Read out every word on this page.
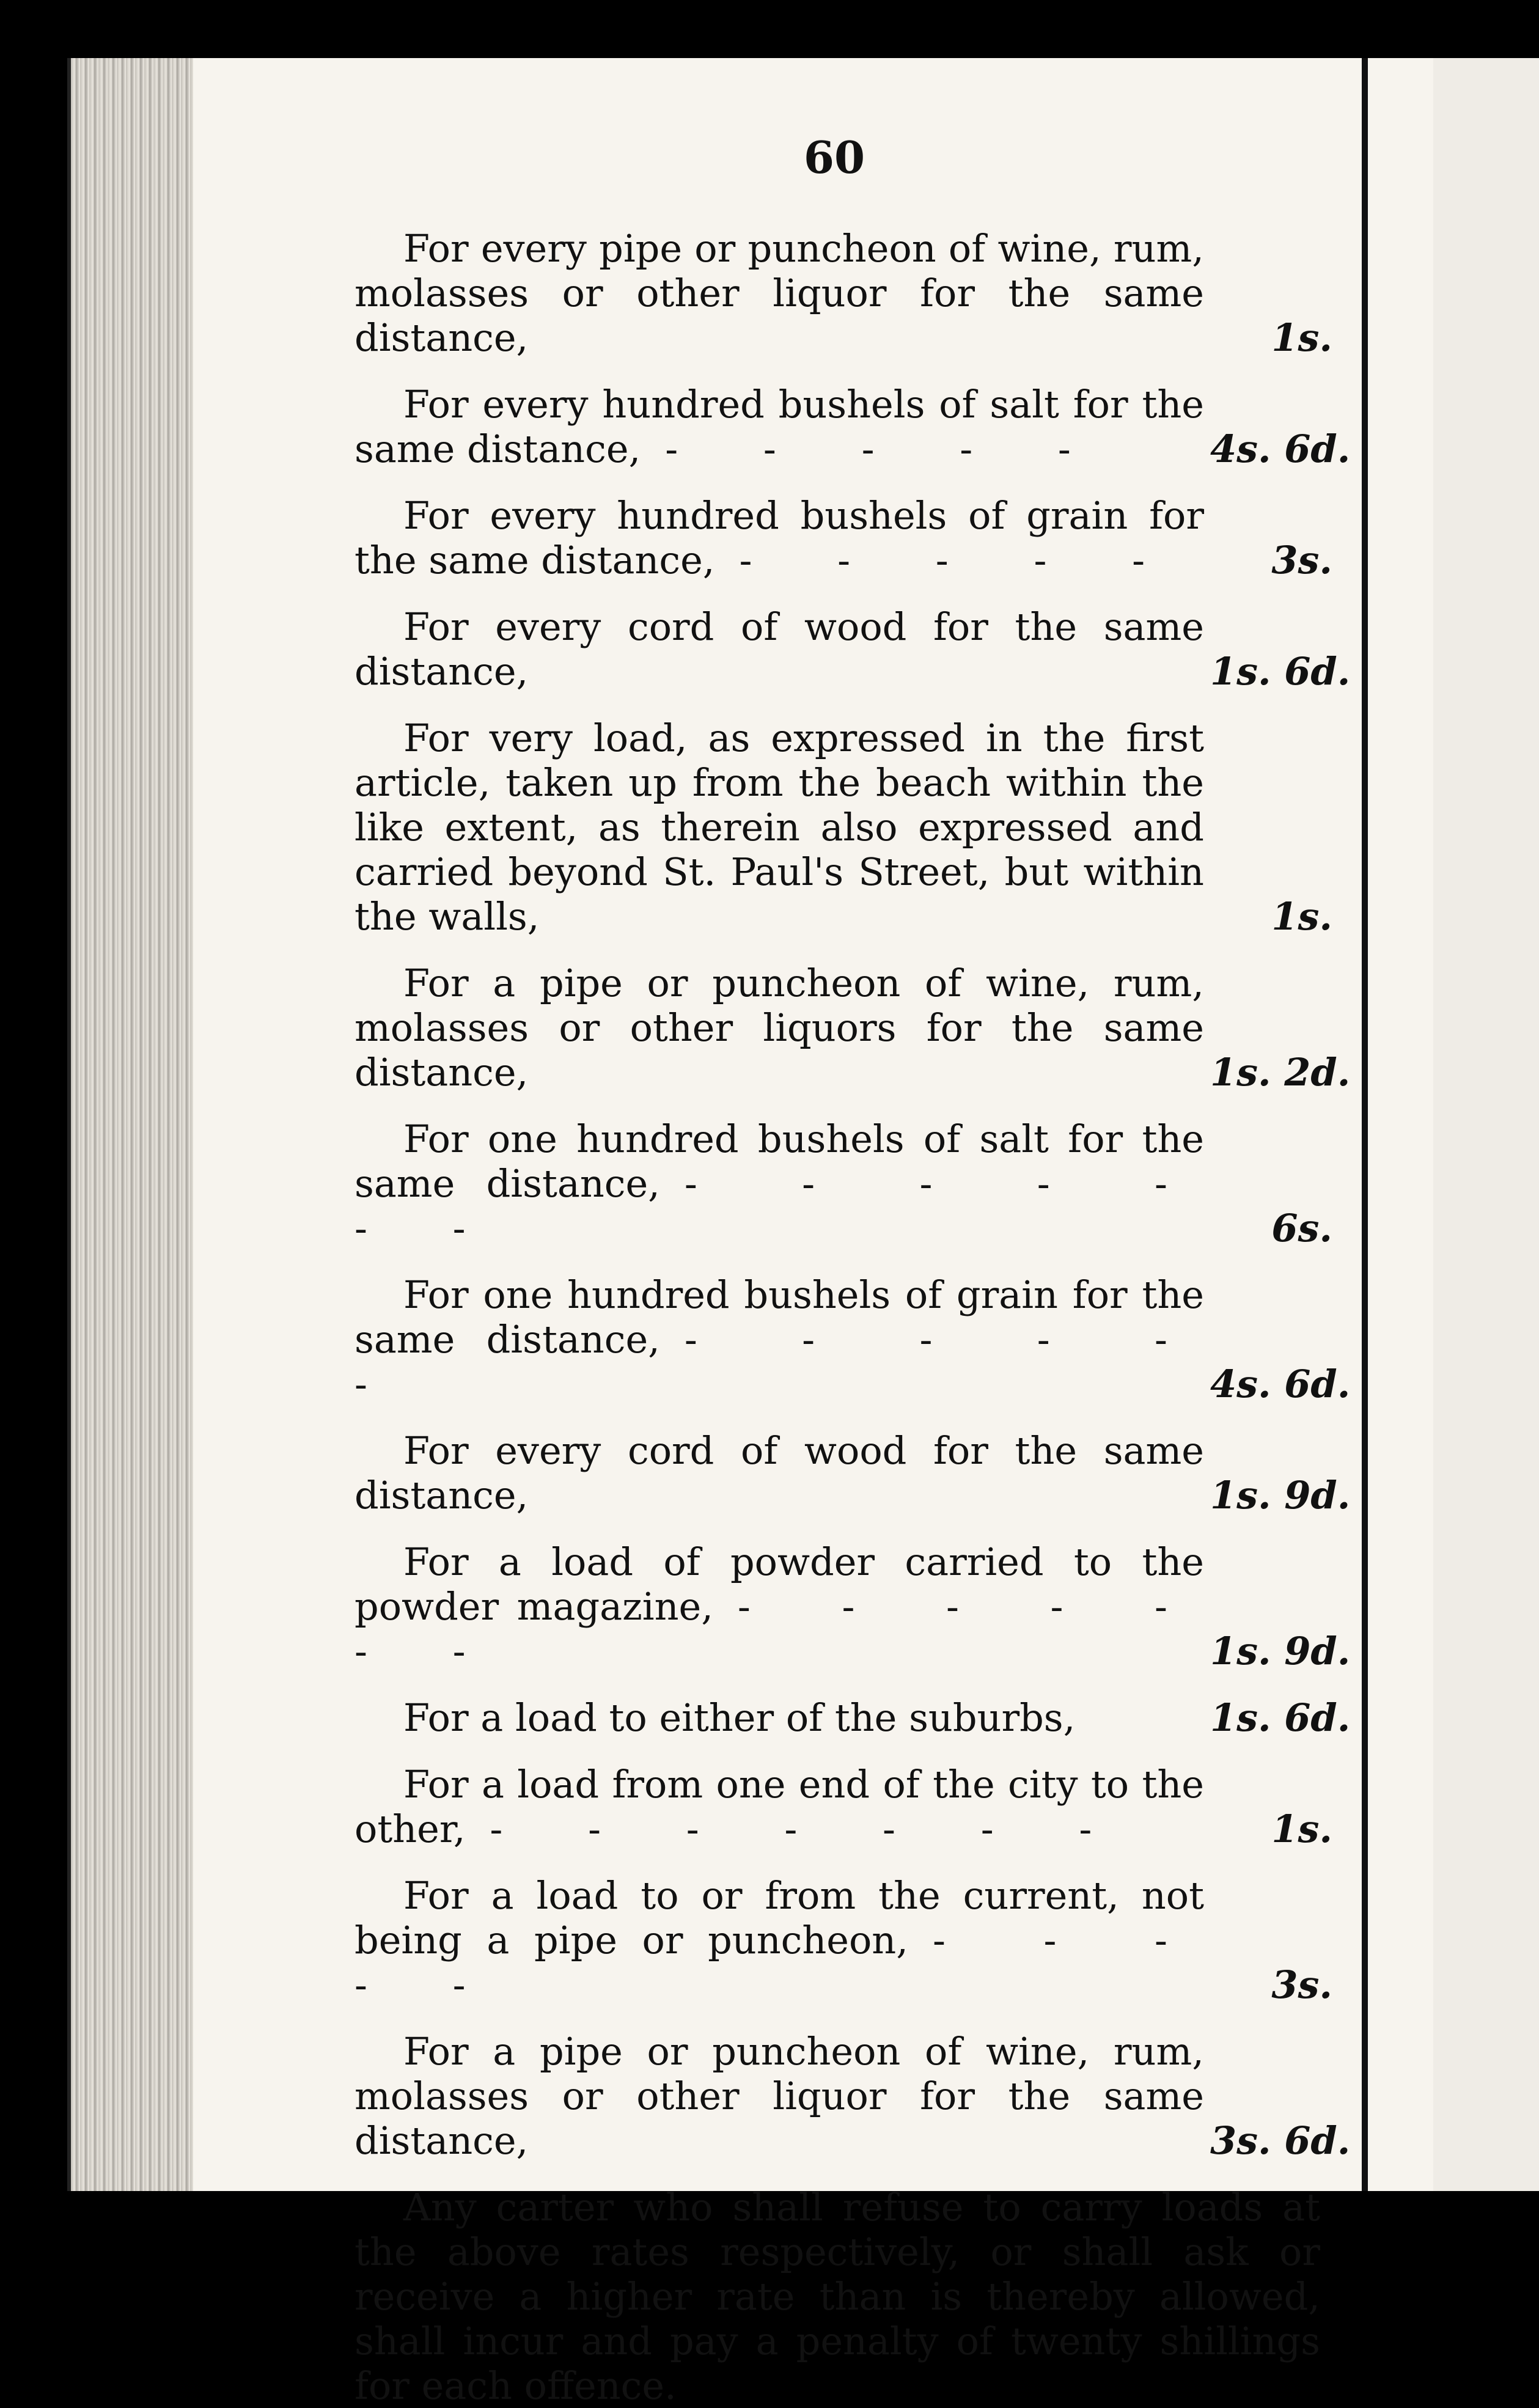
60
For every pipe or puncheon of wine, rum, molasses or other liquor for the same distance,	1s.
For every hundred bushels of salt for the same distance, - - - - -	4s. 6d.
For every hundred bushels of grain for the same distance, - - - - -	3s.
For every cord of wood for the same distance,	1s. 6d.
For very load, as expressed in the first article, taken up from the beach within the like extent, as therein also expressed and carried beyond St. Paul's Street, but within the walls,	1s.
For a pipe or puncheon of wine, rum, molasses or other liquors for the same distance,	1s. 2d.
For one hundred bushels of salt for the same distance, - - - - - - -	6s.
For one hundred bushels of grain for the same distance, - - - - - -	4s. 6d.
For every cord of wood for the same distance,	1s. 9d.
For a load of powder carried to the powder magazine, - - - - - - -	1s. 9d.
For a load to either of the suburbs,	1s. 6d.
For a load from one end of the city to the other, - - - - - - -	1s.
For a load to or from the current, not being a pipe or puncheon, - - - - -	3s.
For a pipe or puncheon of wine, rum, molasses or other liquor for the same distance,	3s. 6d.
Any carter who shall refuse to carry loads at the above rates respectively, or shall ask or receive a higher rate than is thereby allowed, shall incur and pay a penalty of twenty shillings for each offence.
